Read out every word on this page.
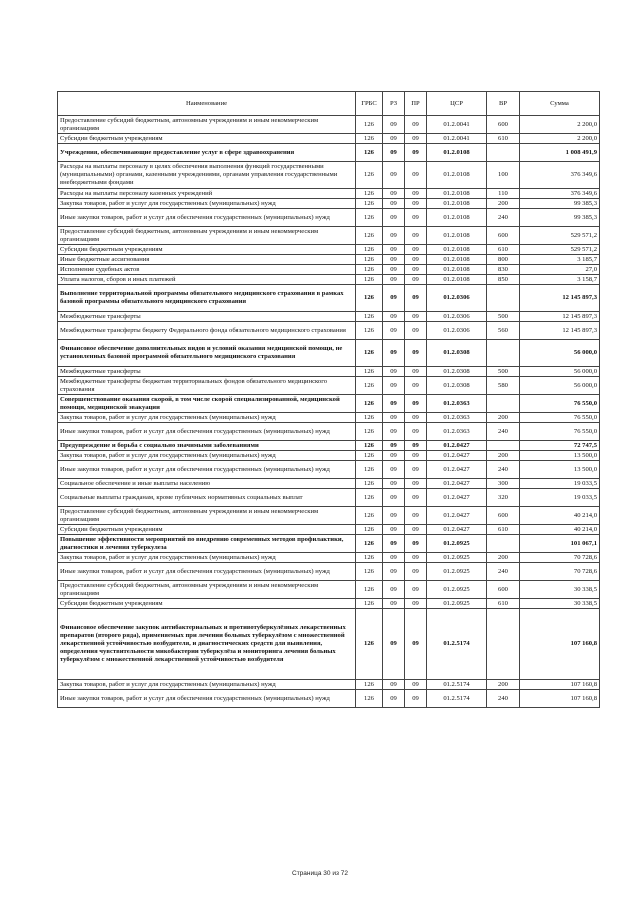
Наименование	ГРБС	РЗ	ПР	ЦСР	ВР	Сумма
Предоставление субсидий бюджетным, автономным учреждениям и иным некоммерческим организациям	126	09	09	01.2.0041	600	2 200,0
Субсидии бюджетным учреждениям	126	09	09	01.2.0041	610	2 200,0
Учреждения, обеспечивающие предоставление услуг в сфере здравоохранения	126	09	09	01.2.0108		1 008 491,9
Расходы на выплаты персоналу в целях обеспечения выполнения функций государственными (муниципальными) органами, казенными учреждениями, органами управления государственными внебюджетными фондами	126	09	09	01.2.0108	100	376 349,6
Расходы на выплаты персоналу казенных учреждений	126	09	09	01.2.0108	110	376 349,6
Закупка товаров, работ и услуг для государственных (муниципальных) нужд	126	09	09	01.2.0108	200	99 385,3
Иные закупки товаров, работ и услуг для обеспечения государственных (муниципальных) нужд	126	09	09	01.2.0108	240	99 385,3
Предоставление субсидий бюджетным, автономным учреждениям и иным некоммерческим организациям	126	09	09	01.2.0108	600	529 571,2
Субсидии бюджетным учреждениям	126	09	09	01.2.0108	610	529 571,2
Иные бюджетные ассигнования	126	09	09	01.2.0108	800	3 185,7
Исполнение судебных актов	126	09	09	01.2.0108	830	27,0
Уплата налогов, сборов и иных платежей	126	09	09	01.2.0108	850	3 158,7
Выполнение территориальной программы обязательного медицинского страхования в рамках базовой программы обязательного медицинского страхования	126	09	09	01.2.0306		12 145 897,3
Межбюджетные трансферты	126	09	09	01.2.0306	500	12 145 897,3
Межбюджетные трансферты бюджету Федерального фонда обязательного медицинского страхования	126	09	09	01.2.0306	560	12 145 897,3
Финансовое обеспечение дополнительных видов и условий оказания медицинской помощи, не установленных базовой программой обязательного медицинского страхования	126	09	09	01.2.0308		56 000,0
Межбюджетные трансферты	126	09	09	01.2.0308	500	56 000,0
Межбюджетные трансферты бюджетам территориальных фондов обязательного медицинского страхования	126	09	09	01.2.0308	580	56 000,0
Совершенствование оказания скорой, в том числе скорой специализированной, медицинской помощи, медицинской эвакуации	126	09	09	01.2.0363		76 550,0
Закупка товаров, работ и услуг для государственных (муниципальных) нужд	126	09	09	01.2.0363	200	76 550,0
Иные закупки товаров, работ и услуг для обеспечения государственных (муниципальных) нужд	126	09	09	01.2.0363	240	76 550,0
Предупреждение и борьба с социально значимыми заболеваниями	126	09	09	01.2.0427		72 747,5
Закупка товаров, работ и услуг для государственных (муниципальных) нужд	126	09	09	01.2.0427	200	13 500,0
Иные закупки товаров, работ и услуг для обеспечения государственных (муниципальных) нужд	126	09	09	01.2.0427	240	13 500,0
Социальное обеспечение и иные выплаты населению	126	09	09	01.2.0427	300	19 033,5
Социальные выплаты гражданам, кроме публичных нормативных социальных выплат	126	09	09	01.2.0427	320	19 033,5
Предоставление субсидий бюджетным, автономным учреждениям и иным некоммерческим организациям	126	09	09	01.2.0427	600	40 214,0
Субсидии бюджетным учреждениям	126	09	09	01.2.0427	610	40 214,0
Повышение эффективности мероприятий по внедрению современных методов профилактики, диагностики и лечения туберкулеза	126	09	09	01.2.0925		101 067,1
Закупка товаров, работ и услуг для государственных (муниципальных) нужд	126	09	09	01.2.0925	200	70 728,6
Иные закупки товаров, работ и услуг для обеспечения государственных (муниципальных) нужд	126	09	09	01.2.0925	240	70 728,6
Предоставление субсидий бюджетным, автономным учреждениям и иным некоммерческим организациям	126	09	09	01.2.0925	600	30 338,5
Субсидии бюджетным учреждениям	126	09	09	01.2.0925	610	30 338,5
Финансовое обеспечение закупок антибактериальных и противотуберкулёзных лекарственных препаратов (второго ряда), применяемых при лечении больных туберкулёзом с множественной лекарственной устойчивостью возбудителя, и диагностических средств для выявления, определения чувствительности микобактерии туберкулёза и мониторинга лечения больных туберкулёзом с множественной лекарственной устойчивостью возбудителя	126	09	09	01.2.5174		107 160,8
Закупка товаров, работ и услуг для государственных (муниципальных) нужд	126	09	09	01.2.5174	200	107 160,8
Иные закупки товаров, работ и услуг для обеспечения государственных (муниципальных) нужд	126	09	09	01.2.5174	240	107 160,8
Страница 30 из 72
